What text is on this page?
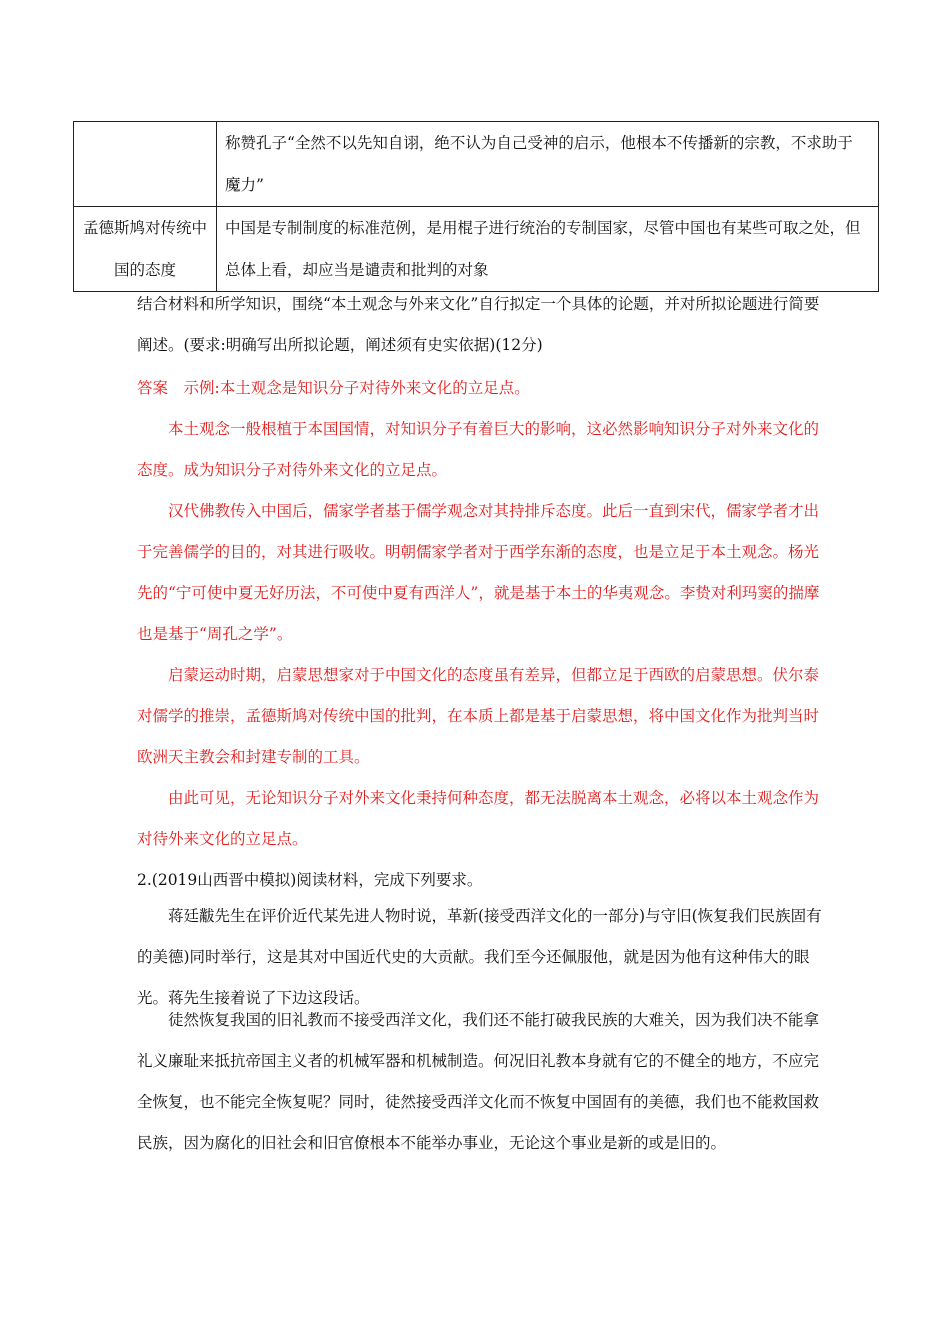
	称赞孔子“全然不以先知自诩，绝不认为自己受神的启示，他根本不传播新的宗教，不求助于魔力”
孟德斯鸠对传统中国的态度	中国是专制制度的标准范例，是用棍子进行统治的专制国家，尽管中国也有某些可取之处，但总体上看，却应当是谴责和批判的对象

结合材料和所学知识，围绕“本土观念与外来文化”自行拟定一个具体的论题，并对所拟论题进行简要阐述。(要求:明确写出所拟论题，阐述须有史实依据)(12分)

答案　示例:本土观念是知识分子对待外来文化的立足点。

本土观念一般根植于本国国情，对知识分子有着巨大的影响，这必然影响知识分子对外来文化的态度。成为知识分子对待外来文化的立足点。

汉代佛教传入中国后，儒家学者基于儒学观念对其持排斥态度。此后一直到宋代，儒家学者才出于完善儒学的目的，对其进行吸收。明朝儒家学者对于西学东渐的态度，也是立足于本土观念。杨光先的“宁可使中夏无好历法，不可使中夏有西洋人”，就是基于本土的华夷观念。李贽对利玛窦的揣摩也是基于“周孔之学”。

启蒙运动时期，启蒙思想家对于中国文化的态度虽有差异，但都立足于西欧的启蒙思想。伏尔泰对儒学的推崇，孟德斯鸠对传统中国的批判，在本质上都是基于启蒙思想，将中国文化作为批判当时欧洲天主教会和封建专制的工具。

由此可见，无论知识分子对外来文化秉持何种态度，都无法脱离本土观念，必将以本土观念作为对待外来文化的立足点。

2.(2019山西晋中模拟)阅读材料，完成下列要求。

蒋廷黻先生在评价近代某先进人物时说，革新(接受西洋文化的一部分)与守旧(恢复我们民族固有的美德)同时举行，这是其对中国近代史的大贡献。我们至今还佩服他，就是因为他有这种伟大的眼光。蒋先生接着说了下边这段话。

徒然恢复我国的旧礼教而不接受西洋文化，我们还不能打破我民族的大难关，因为我们决不能拿礼义廉耻来抵抗帝国主义者的机械军器和机械制造。何况旧礼教本身就有它的不健全的地方，不应完全恢复，也不能完全恢复呢？同时，徒然接受西洋文化而不恢复中国固有的美德，我们也不能救国救民族，因为腐化的旧社会和旧官僚根本不能举办事业，无论这个事业是新的或是旧的。
